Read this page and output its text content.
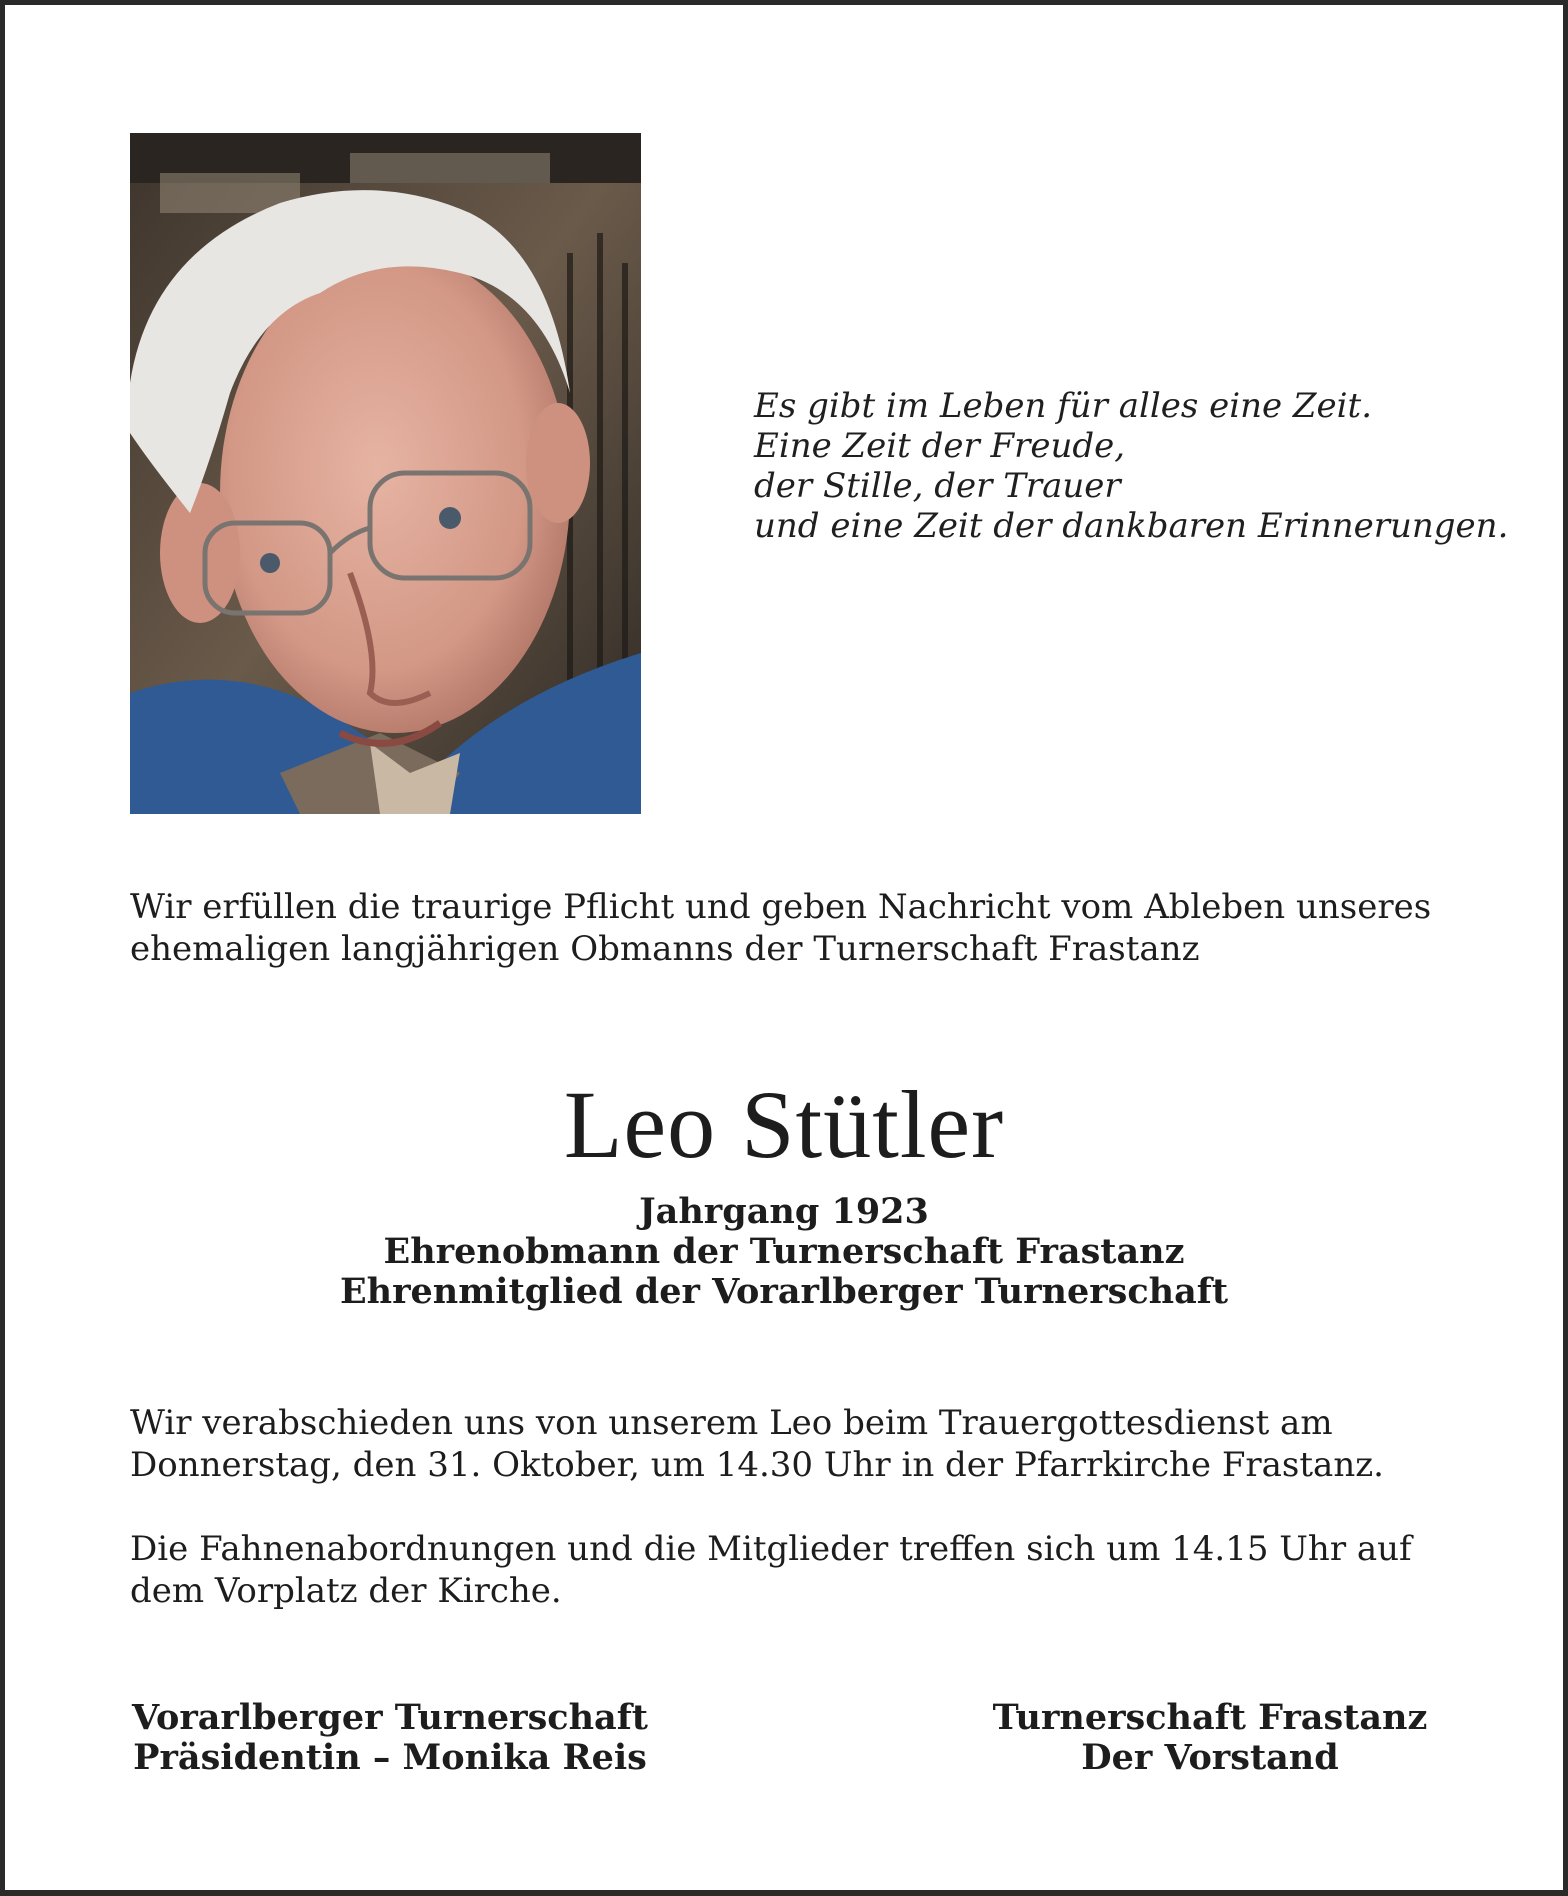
Es gibt im Leben für alles eine Zeit.
Eine Zeit der Freude,
der Stille, der Trauer
und eine Zeit der dankbaren Erinnerungen.
Wir erfüllen die traurige Pflicht und geben Nachricht vom Ableben unseres
ehemaligen langjährigen Obmanns der Turnerschaft Frastanz
Leo Stütler
Jahrgang 1923
Ehrenobmann der Turnerschaft Frastanz
Ehrenmitglied der Vorarlberger Turnerschaft
Wir verabschieden uns von unserem Leo beim Trauergottesdienst am
Donnerstag, den 31. Oktober, um 14.30 Uhr in der Pfarrkirche Frastanz.
Die Fahnenabordnungen und die Mitglieder treffen sich um 14.15 Uhr auf
dem Vorplatz der Kirche.
Vorarlberger Turnerschaft
Präsidentin – Monika Reis
Turnerschaft Frastanz
Der Vorstand
